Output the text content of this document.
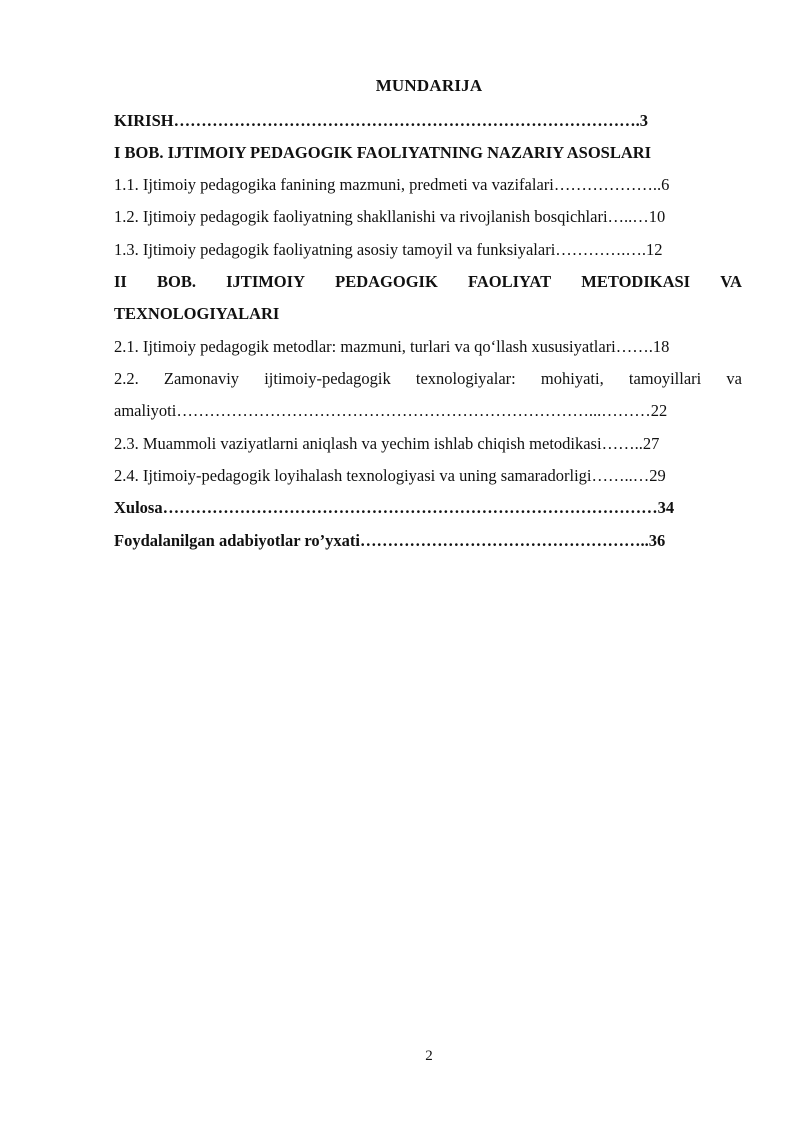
MUNDARIJA
KIRISH………………………………………………………………………….3
I BOB. IJTIMOIY PEDAGOGIK FAOLIYATNING NAZARIY ASOSLARI
1.1. Ijtimoiy pedagogika fanining mazmuni, predmeti va vazifalari………………..6
1.2. Ijtimoiy pedagogik faoliyatning shakllanishi va rivojlanish bosqichlari…..…10
1.3. Ijtimoiy pedagogik faoliyatning asosiy tamoyil va funksiyalari………….….12
II BOB. IJTIMOIY PEDAGOGIK FAOLIYAT METODIKASI VA
TEXNOLOGIYALARI
2.1. Ijtimoiy pedagogik metodlar: mazmuni, turlari va qo‘llash xususiyatlari…….18
2.2. Zamonaviy ijtimoiy-pedagogik texnologiyalar: mohiyati, tamoyillari va
amaliyoti…………………………………………………………………...………22
2.3. Muammoli vaziyatlarni aniqlash va yechim ishlab chiqish metodikasi……..27
2.4. Ijtimoiy-pedagogik loyihalash texnologiyasi va uning samaradorligi……..…29
Xulosa………………………………………………………………………………34
Foydalanilgan adabiyotlar ro’yxati……………………………………………..36
2
